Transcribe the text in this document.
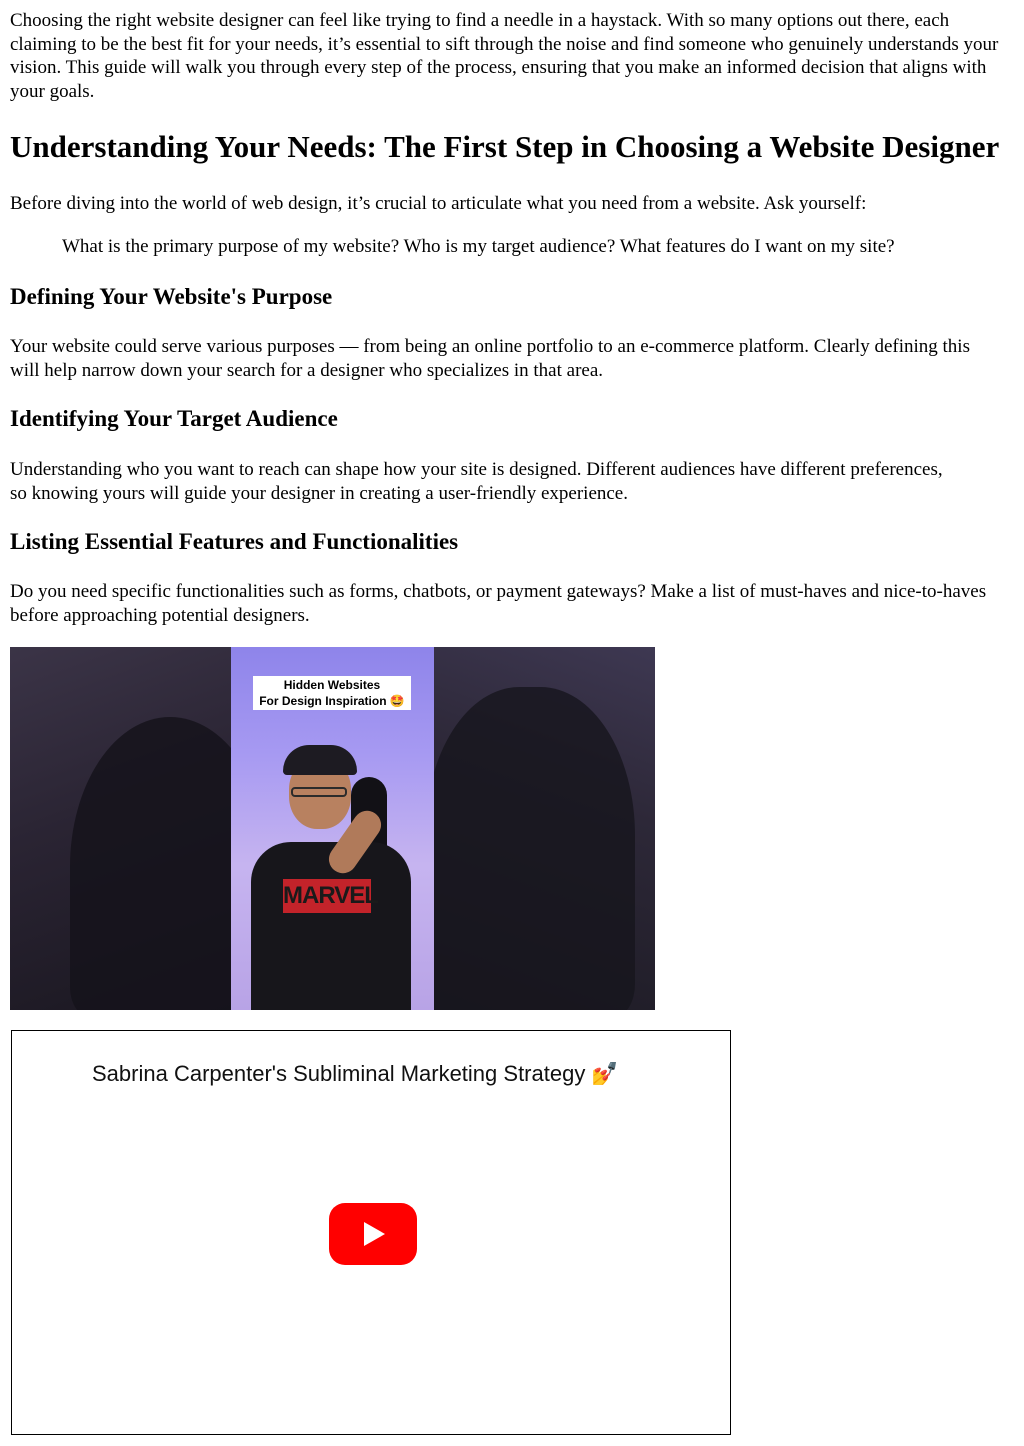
Choosing the right website designer can feel like trying to find a needle in a haystack. With so many options out there, each claiming to be the best fit for your needs, it’s essential to sift through the noise and find someone who genuinely understands your vision. This guide will walk you through every step of the process, ensuring that you make an informed decision that aligns with your goals.

Understanding Your Needs: The First Step in Choosing a Website Designer

Before diving into the world of web design, it’s crucial to articulate what you need from a website. Ask yourself:

What is the primary purpose of my website? Who is my target audience? What features do I want on my site?
Defining Your Website's Purpose

Your website could serve various purposes — from being an online portfolio to an e-commerce platform. Clearly defining this will help narrow down your search for a designer who specializes in that area.

Identifying Your Target Audience

Understanding who you want to reach can shape how your site is designed. Different audiences have different preferences, so knowing yours will guide your designer in creating a user-friendly experience.

Listing Essential Features and Functionalities

Do you need specific functionalities such as forms, chatbots, or payment gateways? Make a list of must-haves and nice-to-haves before approaching potential designers.

Hidden Websites
For Design Inspiration 🤩
MARVEL
Sabrina Carpenter's Subliminal Marketing Strategy 💅
